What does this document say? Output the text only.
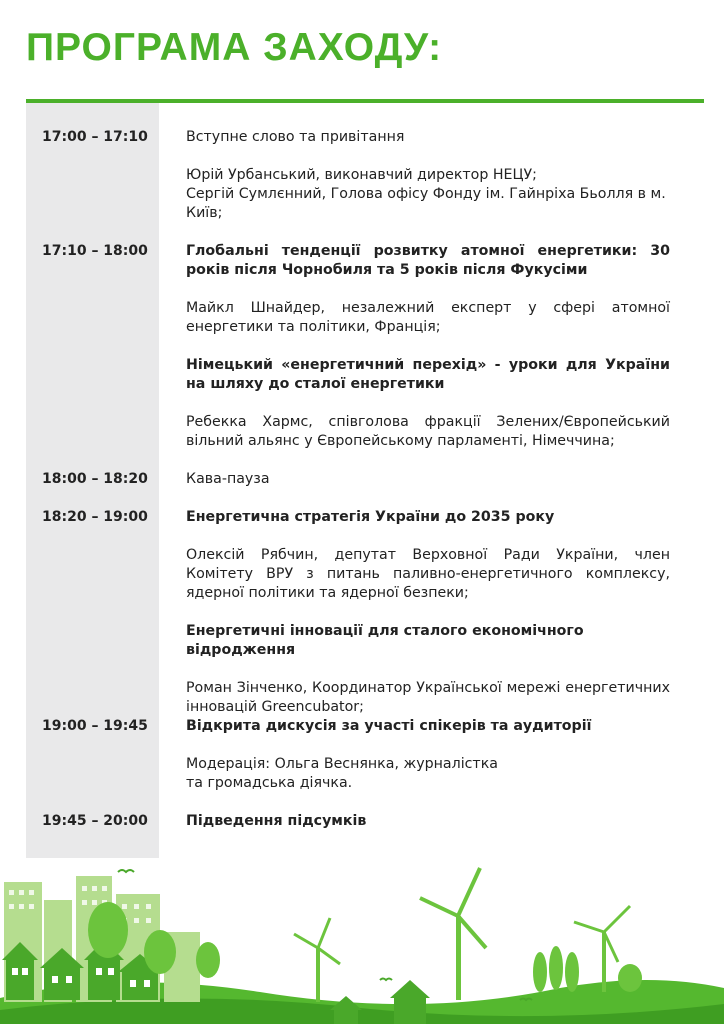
ПРОГРАМА ЗАХОДУ:
17:00 – 17:10	Вступне слово та привітання

Юрій Урбанський, виконавчий директор НЕЦУ;
Сергій Сумлєнний, Голова офісу Фонду ім. Гайнріха Бьолля в м. Київ;

17:10 – 18:00	Глобальні тенденції розвитку атомної енергетики: 30 років після Чорнобиля та 5 років після Фукусіми

Майкл Шнайдер, незалежний експерт у сфері атомної енергетики та політики, Франція;

Німецький «енергетичний перехід» - уроки для України на шляху до сталої енергетики

Ребекка Хармс, співголова фракції Зелених/Європейський вільний альянс у Європейському парламенті, Німеччина;

18:00 – 18:20	Кава-пауза

18:20 – 19:00	Енергетична стратегія України до 2035 року

Олексій Рябчин, депутат Верховної Ради України, член Комітету ВРУ з питань паливно-енергетичного комплексу, ядерної політики та ядерної безпеки;

Енергетичні інновації для сталого економічного відродження

Роман Зінченко, Координатор Української мережі енергетичних інновацій Greencubator;

19:00 – 19:45	Відкрита дискусія за участі спікерів та аудиторії

Модерація: Ольга Веснянка, журналістка
та громадська діячка.

19:45 – 20:00	Підведення підсумків
